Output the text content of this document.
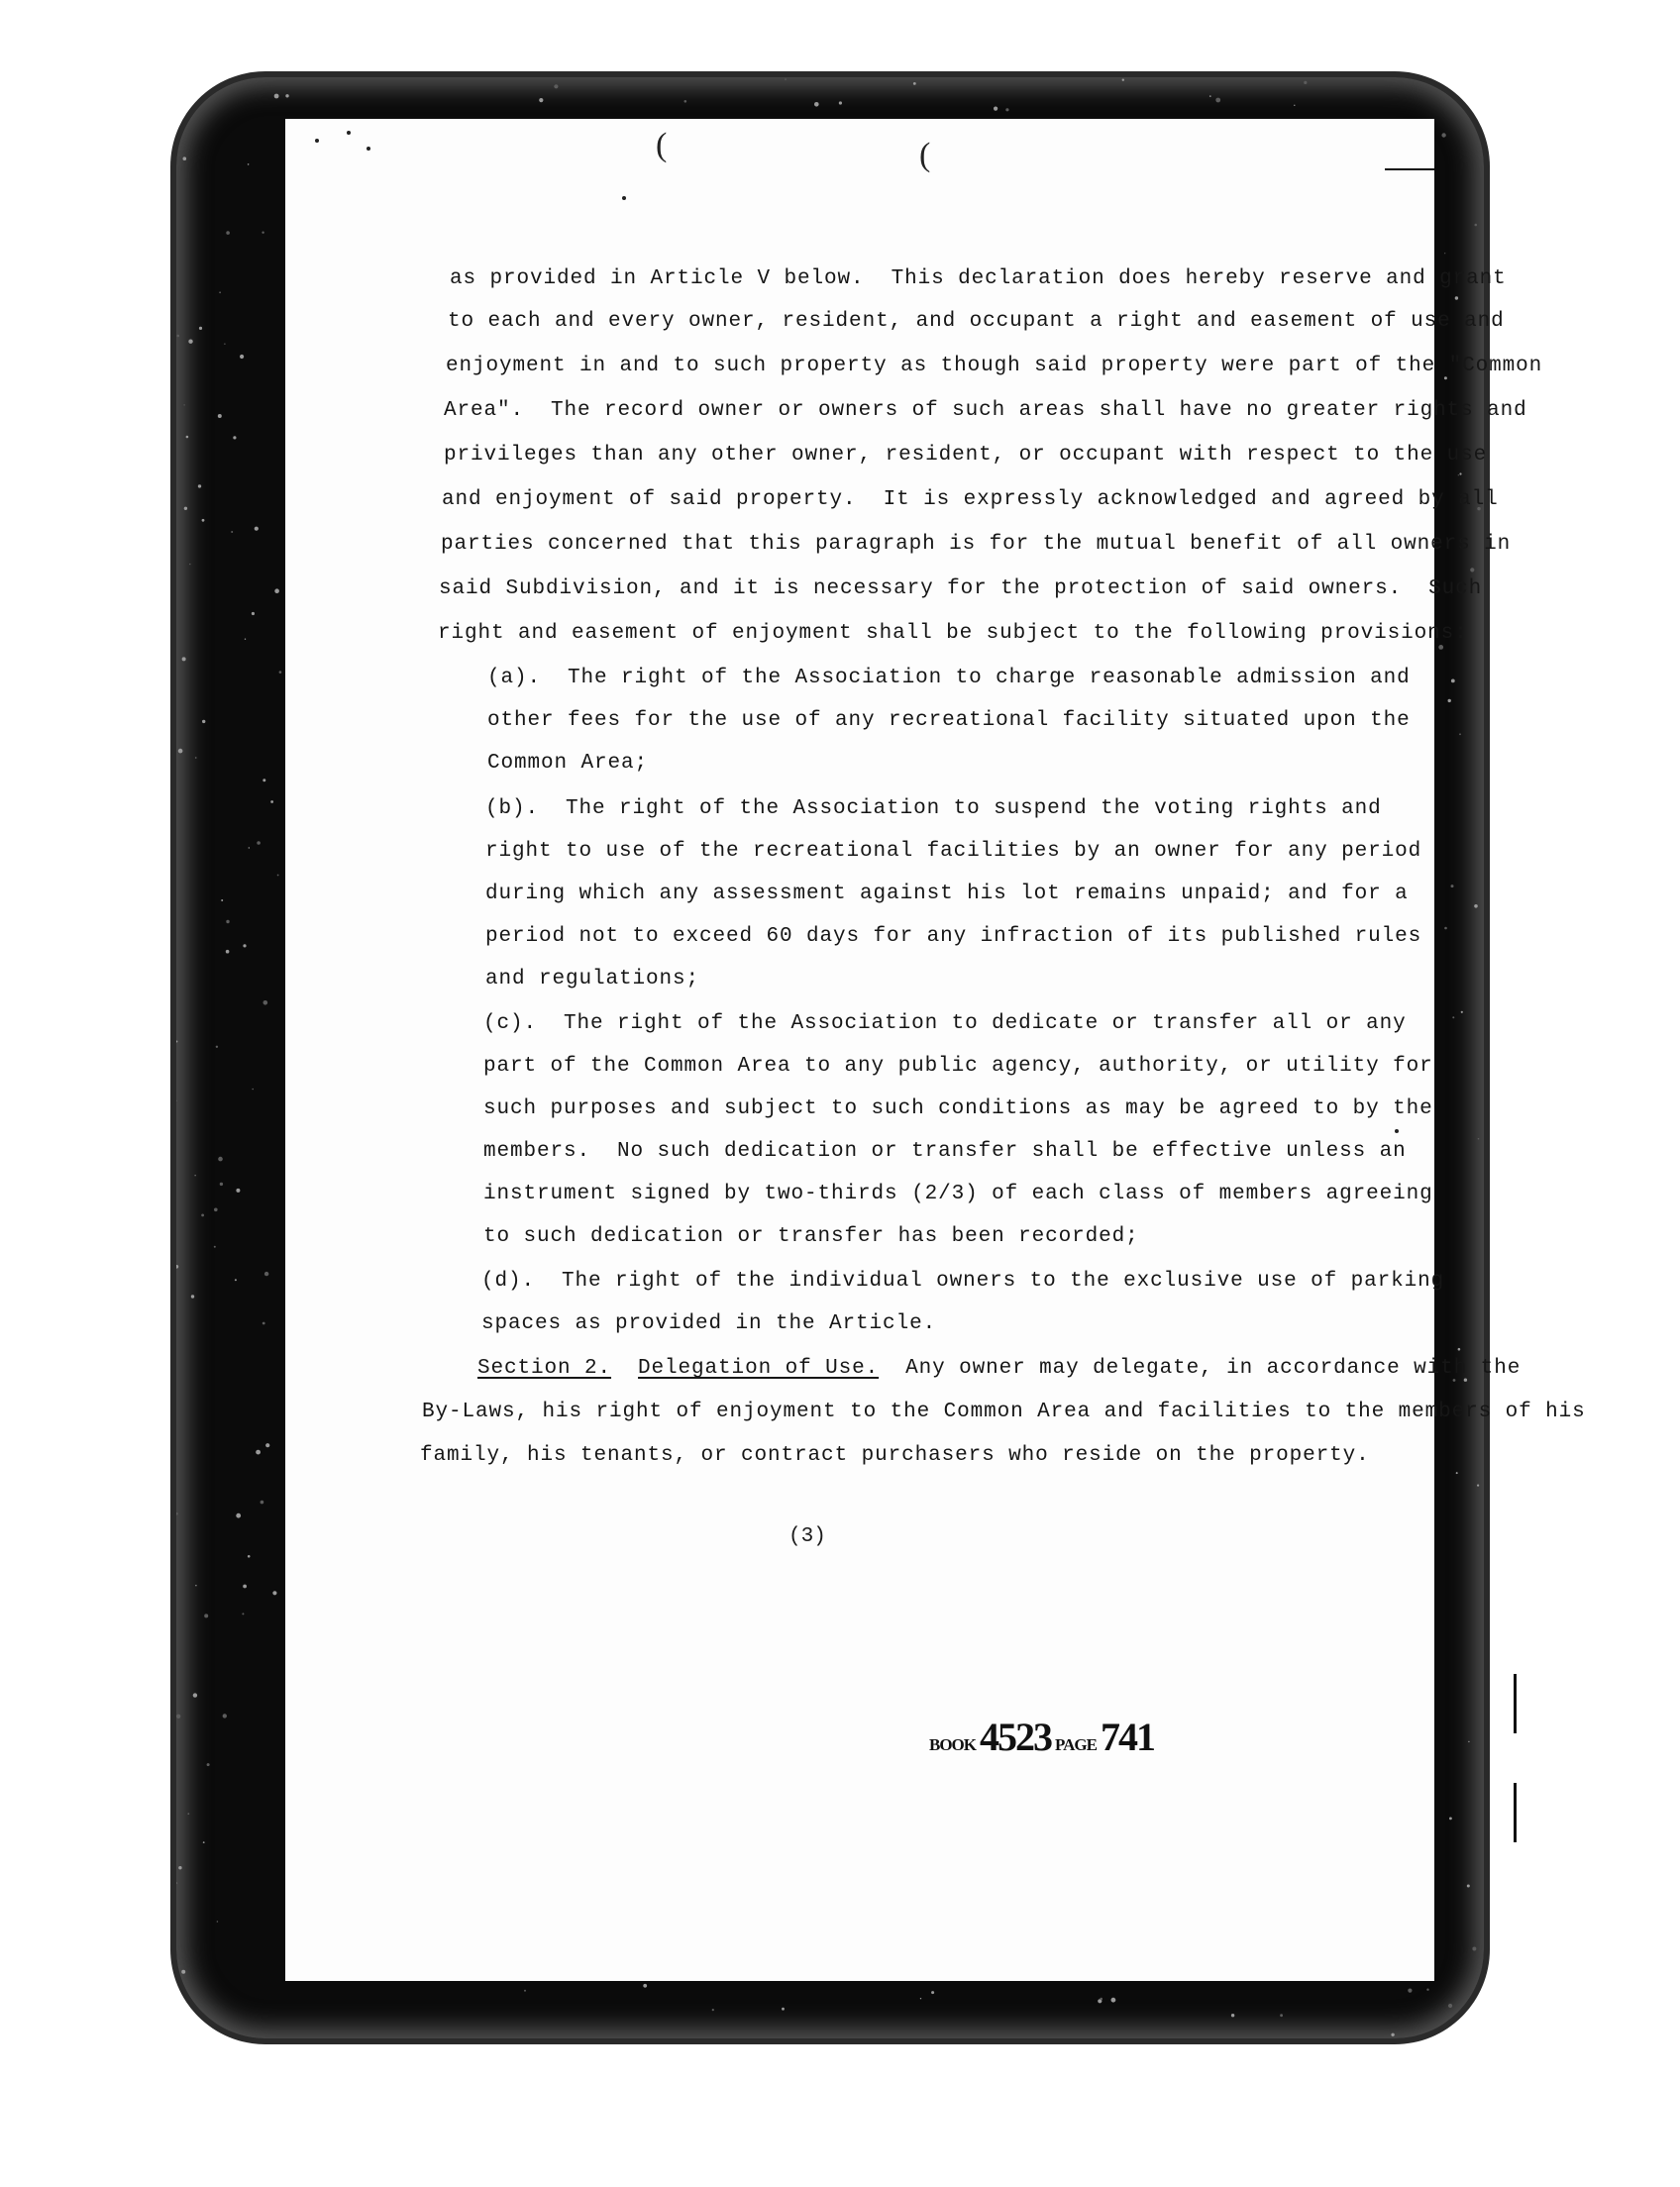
(	(
as provided in Article V below.  This declaration does hereby reserve and grant
to each and every owner, resident, and occupant a right and easement of use and
enjoyment in and to such property as though said property were part of the "Common
Area".  The record owner or owners of such areas shall have no greater rights and
privileges than any other owner, resident, or occupant with respect to the use
and enjoyment of said property.  It is expressly acknowledged and agreed by all
parties concerned that this paragraph is for the mutual benefit of all owners in
said Subdivision, and it is necessary for the protection of said owners.  Such
right and easement of enjoyment shall be subject to the following provisions:
(a).  The right of the Association to charge reasonable admission and
other fees for the use of any recreational facility situated upon the
Common Area;
(b).  The right of the Association to suspend the voting rights and
right to use of the recreational facilities by an owner for any period
during which any assessment against his lot remains unpaid; and for a
period not to exceed 60 days for any infraction of its published rules
and regulations;
(c).  The right of the Association to dedicate or transfer all or any
part of the Common Area to any public agency, authority, or utility for
such purposes and subject to such conditions as may be agreed to by the
members.  No such dedication or transfer shall be effective unless an
instrument signed by two-thirds (2/3) of each class of members agreeing
to such dedication or transfer has been recorded;
(d).  The right of the individual owners to the exclusive use of parking
spaces as provided in the Article.
Section 2. Delegation of Use.  Any owner may delegate, in accordance with the
By-Laws, his right of enjoyment to the Common Area and facilities to the members of his
family, his tenants, or contract purchasers who reside on the property.
(3)
BOOK 4523 PAGE 741
